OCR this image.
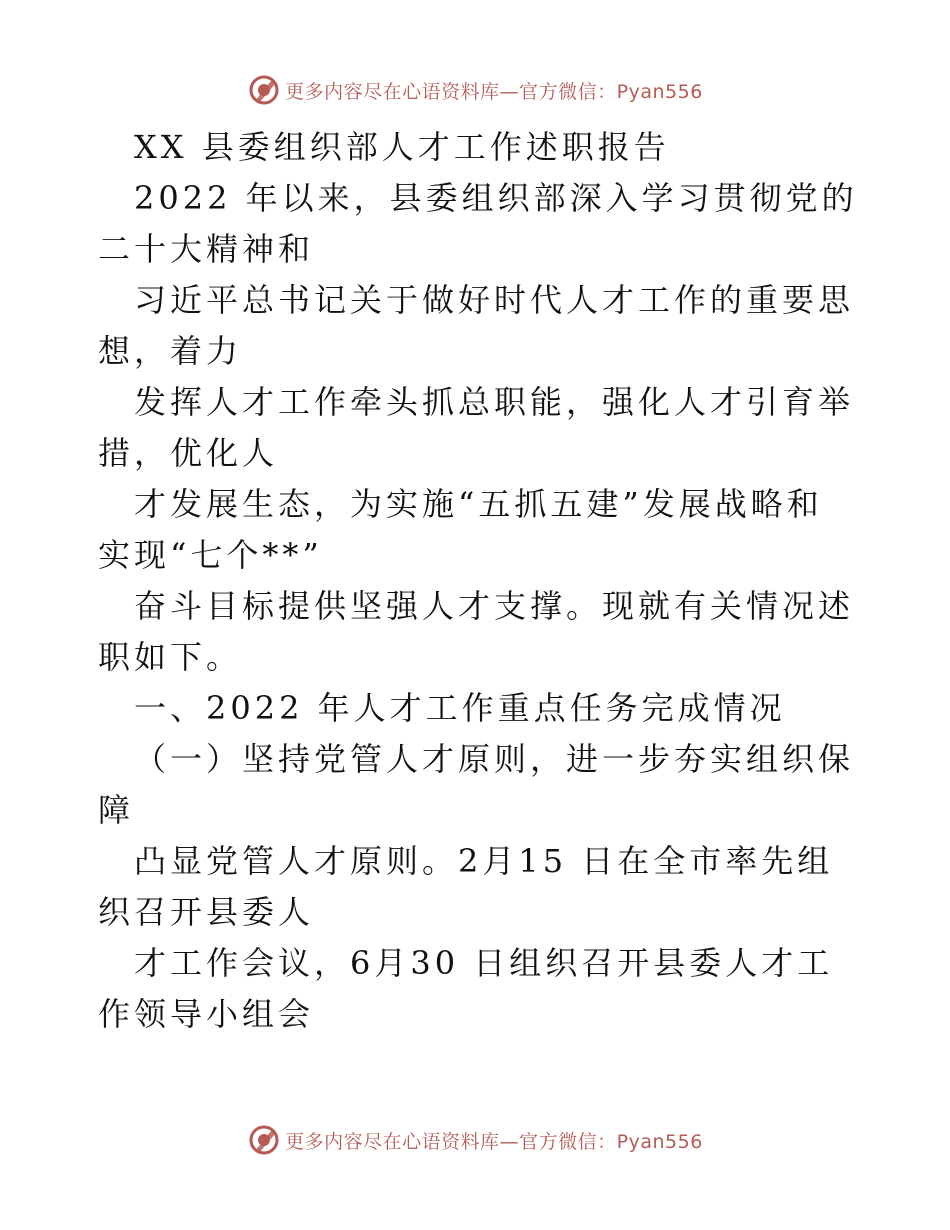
更多内容尽在心语资料库—官方微信：Pyan556

XX 县委组织部人才工作述职报告

2022 年以来，县委组织部深入学习贯彻党的二十大精神和

习近平总书记关于做好时代人才工作的重要思想，着力

发挥人才工作牵头抓总职能，强化人才引育举措，优化人

才发展生态，为实施“五抓五建”发展战略和实现“七个**”

奋斗目标提供坚强人才支撑。现就有关情况述职如下。

一、2022 年人才工作重点任务完成情况

（一）坚持党管人才原则，进一步夯实组织保障

凸显党管人才原则。2月15 日在全市率先组织召开县委人

才工作会议，6月30 日组织召开县委人才工作领导小组会

更多内容尽在心语资料库—官方微信：Pyan556
